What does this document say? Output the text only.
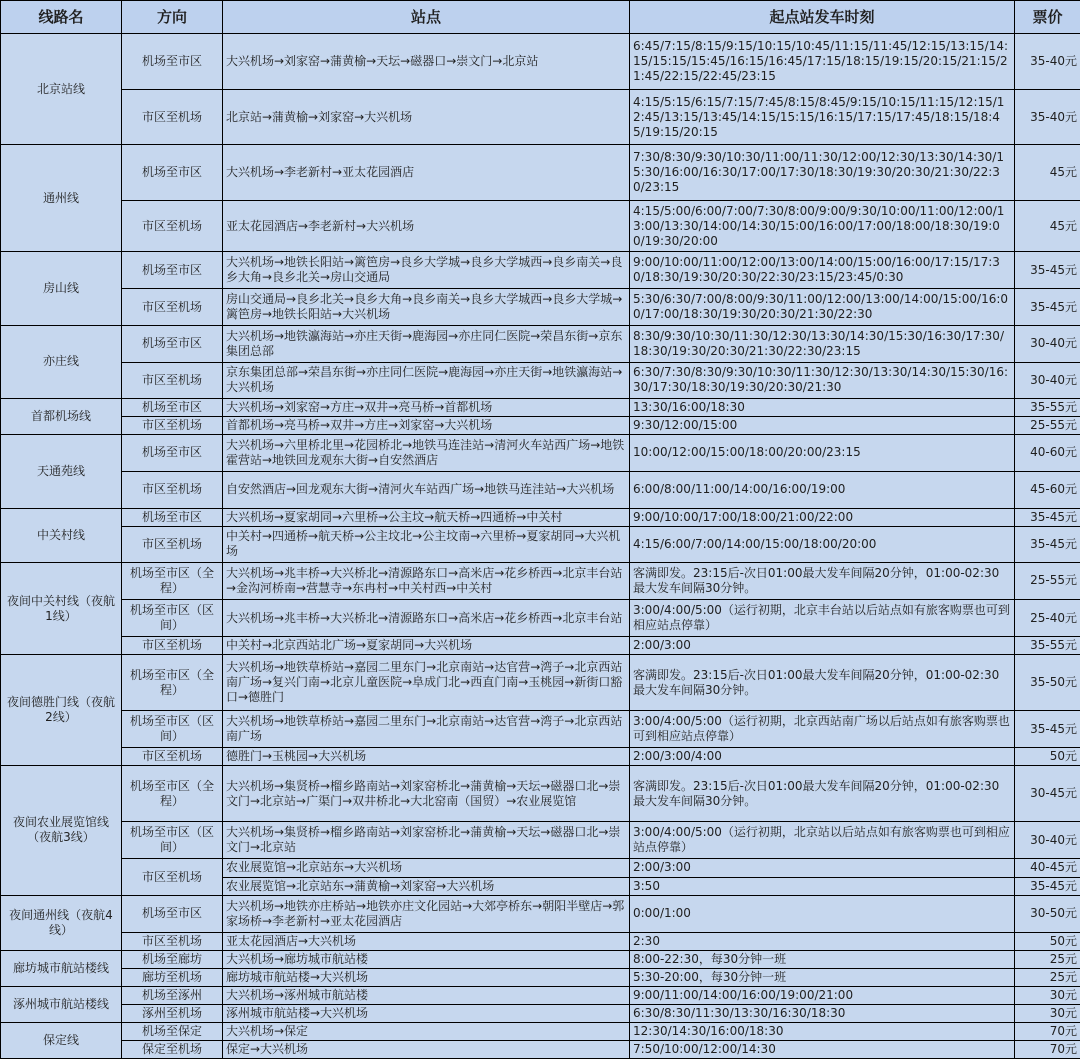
线路名	方向	站点	起点站发车时刻	票价
北京站线	机场至市区	大兴机场→刘家窑→蒲黄榆→天坛→磁器口→崇文门→北京站	6:45/7:15/8:15/9:15/10:15/10:45/11:15/11:45/12:15/13:15/14:15/15:15/15:45/16:15/16:45/17:15/18:15/19:15/20:15/21:15/21:45/22:15/22:45/23:15	35-40元
	市区至机场	北京站→蒲黄榆→刘家窑→大兴机场	4:15/5:15/6:15/7:15/7:45/8:15/8:45/9:15/10:15/11:15/12:15/12:45/13:15/13:45/14:15/15:15/16:15/17:15/17:45/18:15/18:45/19:15/20:15	35-40元
通州线	机场至市区	大兴机场→李老新村→亚太花园酒店	7:30/8:30/9:30/10:30/11:00/11:30/12:00/12:30/13:30/14:30/15:30/16:00/16:30/17:00/17:30/18:30/19:30/20:30/21:30/22:30/23:15	45元
	市区至机场	亚太花园酒店→李老新村→大兴机场	4:15/5:00/6:00/7:00/7:30/8:00/9:00/9:30/10:00/11:00/12:00/13:00/13:30/14:00/14:30/15:00/16:00/17:00/18:00/18:30/19:00/19:30/20:00	45元
房山线	机场至市区	大兴机场→地铁长阳站→篱笆房→良乡大学城→良乡大学城西→良乡南关→良乡大角→良乡北关→房山交通局	9:00/10:00/11:00/12:00/13:00/14:00/15:00/16:00/17:15/17:30/18:30/19:30/20:30/22:30/23:15/23:45/0:30	35-45元
	市区至机场	房山交通局→良乡北关→良乡大角→良乡南关→良乡大学城西→良乡大学城→篱笆房→地铁长阳站→大兴机场	5:30/6:30/7:00/8:00/9:30/11:00/12:00/13:00/14:00/15:00/16:00/17:00/18:30/19:30/20:30/21:30/22:30	35-45元
亦庄线	机场至市区	大兴机场→地铁瀛海站→亦庄天街→鹿海园→亦庄同仁医院→荣昌东街→京东集团总部	8:30/9:30/10:30/11:30/12:30/13:30/14:30/15:30/16:30/17:30/18:30/19:30/20:30/21:30/22:30/23:15	30-40元
	市区至机场	京东集团总部→荣昌东街→亦庄同仁医院→鹿海园→亦庄天街→地铁瀛海站→大兴机场	6:30/7:30/8:30/9:30/10:30/11:30/12:30/13:30/14:30/15:30/16:30/17:30/18:30/19:30/20:30/21:30	30-40元
首都机场线	机场至市区	大兴机场→刘家窑→方庄→双井→亮马桥→首都机场	13:30/16:00/18:30	35-55元
	市区至机场	首都机场→亮马桥→双井→方庄→刘家窑→大兴机场	9:30/12:00/15:00	25-55元
天通苑线	机场至市区	大兴机场→六里桥北里→花园桥北→地铁马连洼站→清河火车站西广场→地铁霍营站→地铁回龙观东大街→自安然酒店	10:00/12:00/15:00/18:00/20:00/23:15	40-60元
	市区至机场	自安然酒店→回龙观东大街→清河火车站西广场→地铁马连洼站→大兴机场	6:00/8:00/11:00/14:00/16:00/19:00	45-60元
中关村线	机场至市区	大兴机场→夏家胡同→六里桥→公主坟→航天桥→四通桥→中关村	9:00/10:00/17:00/18:00/21:00/22:00	35-45元
	市区至机场	中关村→四通桥→航天桥→公主坟北→公主坟南→六里桥→夏家胡同→大兴机场	4:15/6:00/7:00/14:00/15:00/18:00/20:00	35-45元
夜间中关村线（夜航1线）	机场至市区（全程）	大兴机场→兆丰桥→大兴桥北→清源路东口→高米店→花乡桥西→北京丰台站→金沟河桥南→营慧寺→东冉村→中关村西→中关村	客满即发。23:15后-次日01:00最大发车间隔20分钟，01:00-02:30最大发车间隔30分钟。	25-55元
	机场至市区（区间）	大兴机场→兆丰桥→大兴桥北→清源路东口→高米店→花乡桥西→北京丰台站	3:00/4:00/5:00（运行初期，北京丰台站以后站点如有旅客购票也可到相应站点停靠）	25-40元
	市区至机场	中关村→北京西站北广场→夏家胡同→大兴机场	2:00/3:00	35-55元
夜间德胜门线（夜航2线）	机场至市区（全程）	大兴机场→地铁草桥站→嘉园二里东门→北京南站→达官营→湾子→北京西站南广场→复兴门南→北京儿童医院→阜成门北→西直门南→玉桃园→新街口豁口→德胜门	客满即发。23:15后-次日01:00最大发车间隔20分钟，01:00-02:30最大发车间隔30分钟。	35-50元
	机场至市区（区间）	大兴机场→地铁草桥站→嘉园二里东门→北京南站→达官营→湾子→北京西站南广场	3:00/4:00/5:00（运行初期，北京西站南广场以后站点如有旅客购票也可到相应站点停靠）	35-45元
	市区至机场	德胜门→玉桃园→大兴机场	2:00/3:00/4:00	50元
夜间农业展览馆线（夜航3线）	机场至市区（全程）	大兴机场→集贤桥→榴乡路南站→刘家窑桥北→蒲黄榆→天坛→磁器口北→崇文门→北京站→广渠门→双井桥北→大北窑南（国贸）→农业展览馆	客满即发。23:15后-次日01:00最大发车间隔20分钟，01:00-02:30最大发车间隔30分钟。	30-45元
	机场至市区（区间）	大兴机场→集贤桥→榴乡路南站→刘家窑桥北→蒲黄榆→天坛→磁器口北→崇文门→北京站	3:00/4:00/5:00（运行初期，北京站以后站点如有旅客购票也可到相应站点停靠）	30-40元
	市区至机场	农业展览馆→北京站东→大兴机场	2:00/3:00	40-45元
		农业展览馆→北京站东→蒲黄榆→刘家窑→大兴机场	3:50	35-45元
夜间通州线（夜航4线）	机场至市区	大兴机场→地铁亦庄桥站→地铁亦庄文化园站→大郊亭桥东→朝阳半壁店→郭家场桥→李老新村→亚太花园酒店	0:00/1:00	30-50元
	市区至机场	亚太花园酒店→大兴机场	2:30	50元
廊坊城市航站楼线	机场至廊坊	大兴机场→廊坊城市航站楼	8:00-22:30，每30分钟一班	25元
	廊坊至机场	廊坊城市航站楼→大兴机场	5:30-20:00，每30分钟一班	25元
涿州城市航站楼线	机场至涿州	大兴机场→涿州城市航站楼	9:00/11:00/14:00/16:00/19:00/21:00	30元
	涿州至机场	涿州城市航站楼→大兴机场	6:30/8:30/11:30/13:30/16:30/18:30	30元
保定线	机场至保定	大兴机场→保定	12:30/14:30/16:00/18:30	70元
	保定至机场	保定→大兴机场	7:50/10:00/12:00/14:30	70元
